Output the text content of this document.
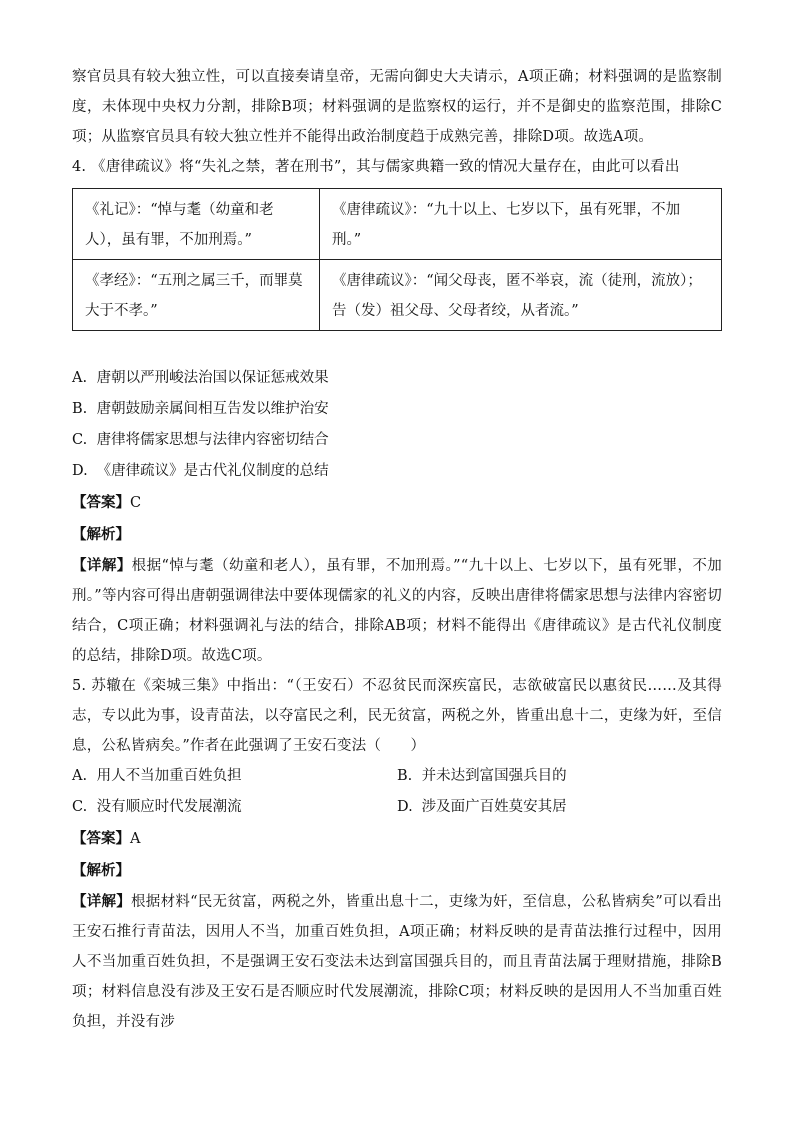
察官员具有较大独立性，可以直接奏请皇帝，无需向御史大夫请示，A项正确；材料强调的是监察制度，未体现中央权力分割，排除B项；材料强调的是监察权的运行，并不是御史的监察范围，排除C项；从监察官员具有较大独立性并不能得出政治制度趋于成熟完善，排除D项。故选A项。

4. 《唐律疏议》将“失礼之禁，著在刑书”，其与儒家典籍一致的情况大量存在，由此可以看出

《礼记》：“悼与耄（幼童和老人），虽有罪，不加刑焉。”	《唐律疏议》：“九十以上、七岁以下，虽有死罪，不加刑。”
《孝经》：“五刑之属三千，而罪莫大于不孝。”	《唐律疏议》：“闻父母丧，匿不举哀，流（徒刑，流放）；告（发）祖父母、父母者绞，从者流。”
A. 唐朝以严刑峻法治国以保证惩戒效果
B. 唐朝鼓励亲属间相互告发以维护治安
C. 唐律将儒家思想与法律内容密切结合
D. 《唐律疏议》是古代礼仪制度的总结
【答案】C
【解析】

【详解】根据“悼与耄（幼童和老人），虽有罪，不加刑焉。”“九十以上、七岁以下，虽有死罪，不加刑。”等内容可得出唐朝强调律法中要体现儒家的礼义的内容，反映出唐律将儒家思想与法律内容密切结合，C项正确；材料强调礼与法的结合，排除AB项；材料不能得出《唐律疏议》是古代礼仪制度的总结，排除D项。故选C项。

5. 苏辙在《栾城三集》中指出：“（王安石）不忍贫民而深疾富民，志欲破富民以惠贫民……及其得志，专以此为事，设青苗法，以夺富民之利，民无贫富，两税之外，皆重出息十二，吏缘为奸，至信息，公私皆病矣。”作者在此强调了王安石变法（　　）

A. 用人不当加重百姓负担	B. 并未达到富国强兵目的
C. 没有顺应时代发展潮流	D. 涉及面广百姓莫安其居
【答案】A
【解析】

【详解】根据材料“民无贫富，两税之外，皆重出息十二，吏缘为奸，至信息，公私皆病矣”可以看出王安石推行青苗法，因用人不当，加重百姓负担，A项正确；材料反映的是青苗法推行过程中，因用人不当加重百姓负担，不是强调王安石变法未达到富国强兵目的，而且青苗法属于理财措施，排除B项；材料信息没有涉及王安石是否顺应时代发展潮流，排除C项；材料反映的是因用人不当加重百姓负担，并没有涉
